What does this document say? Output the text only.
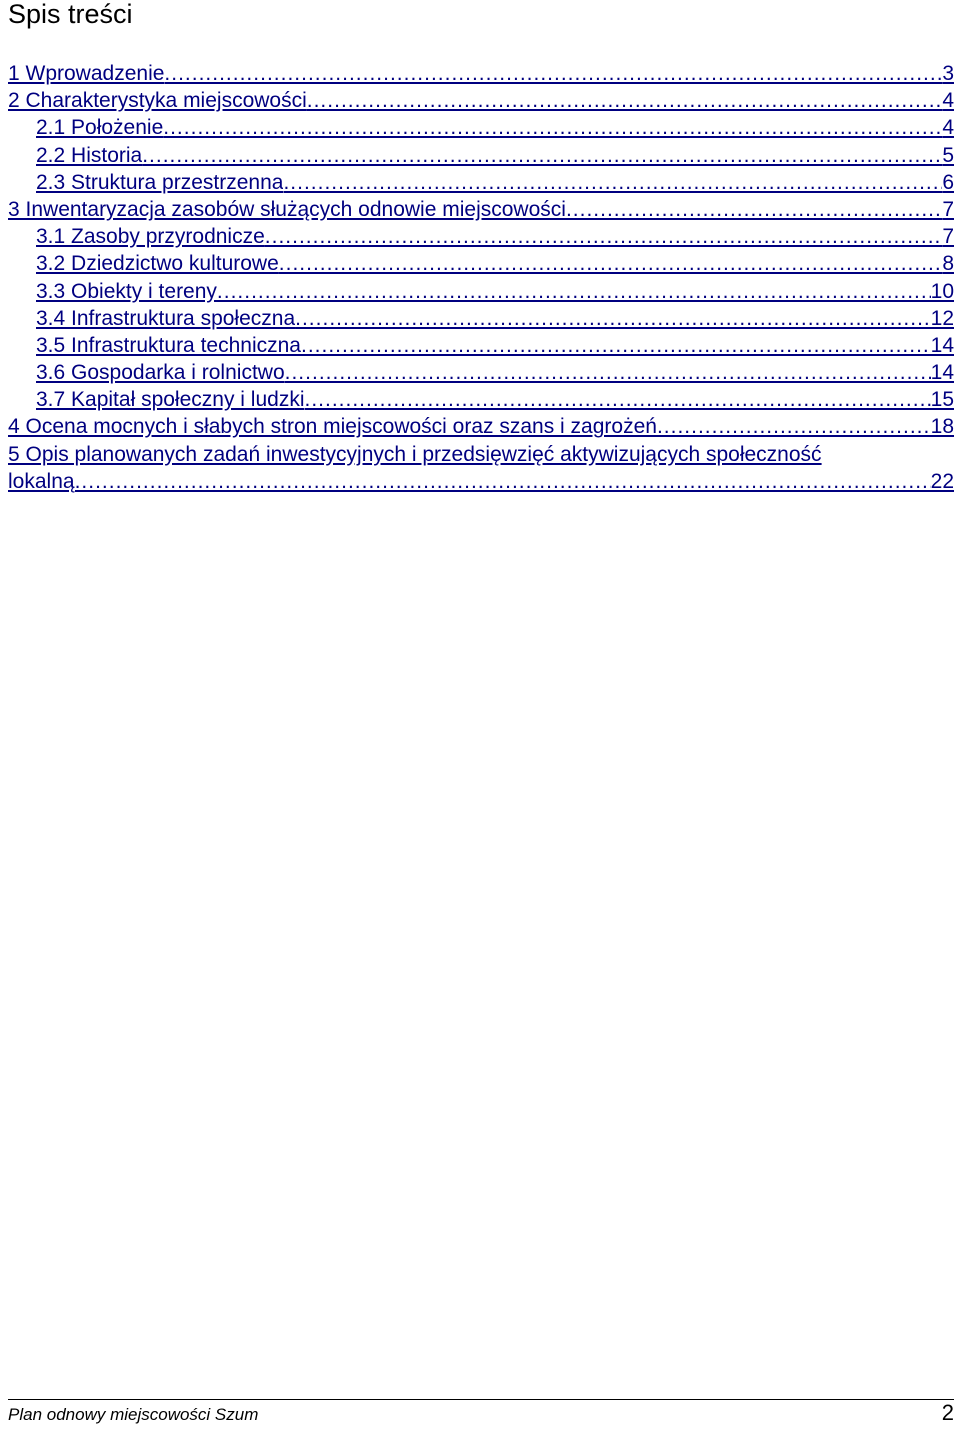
Spis treści
1 Wprowadzenie .....	3
2 Charakterystyka miejscowości .....	4
2.1 Położenie .....	4
2.2 Historia .....	5
2.3 Struktura przestrzenna .....	6
3 Inwentaryzacja zasobów służących odnowie miejscowości .....	7
3.1 Zasoby przyrodnicze .....	7
3.2 Dziedzictwo kulturowe .....	8
3.3 Obiekty i tereny .....	10
3.4 Infrastruktura społeczna .....	12
3.5 Infrastruktura techniczna .....	14
3.6 Gospodarka i rolnictwo .....	14
3.7 Kapitał społeczny i ludzki .....	15
4 Ocena mocnych i słabych stron miejscowości oraz szans i zagrożeń .....	18
5 Opis planowanych zadań inwestycyjnych i przedsięwzięć aktywizujących społeczność
lokalną .....	22
Plan odnowy miejscowości Szum	2
